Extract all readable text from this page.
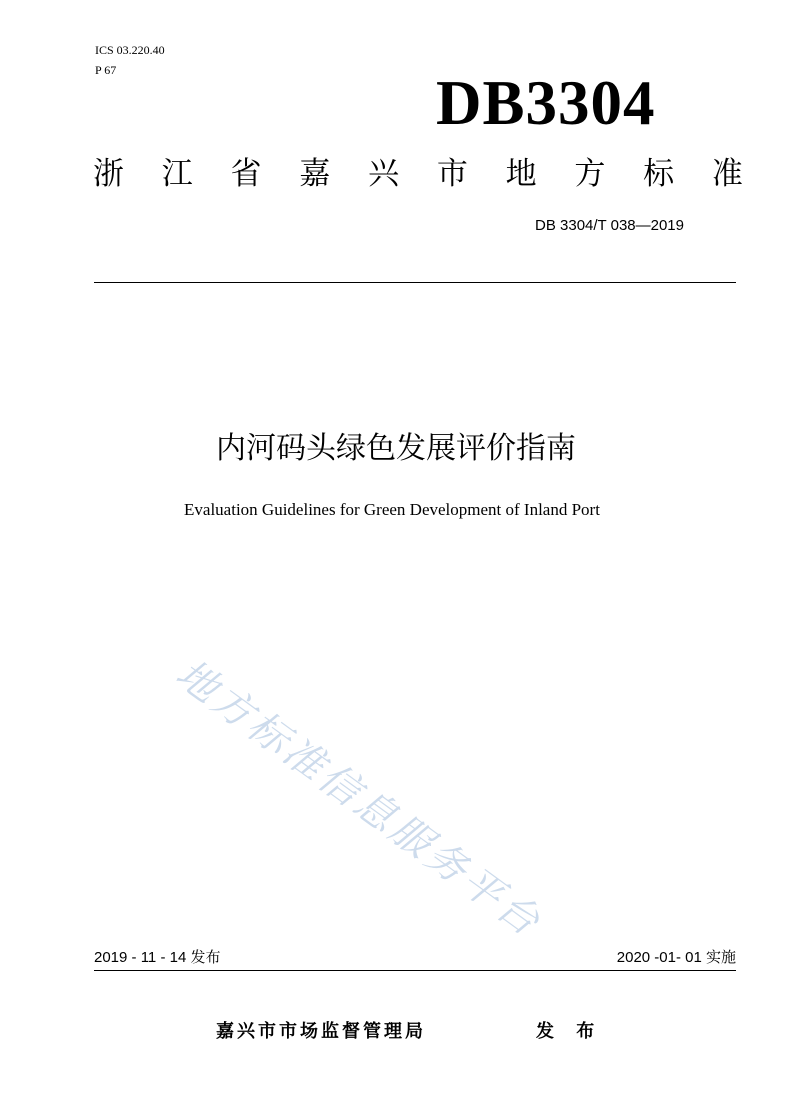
ICS 03.220.40
P 67	DB3304
浙 江 省 嘉 兴 市 地 方 标 准
DB 3304/T 038—2019
内河码头绿色发展评价指南
Evaluation Guidelines for Green Development of Inland Port
地方标准信息服务平台
2019 - 11 - 14 发布	2020 -01- 01 实施
嘉兴市市场监督管理局	发 布
